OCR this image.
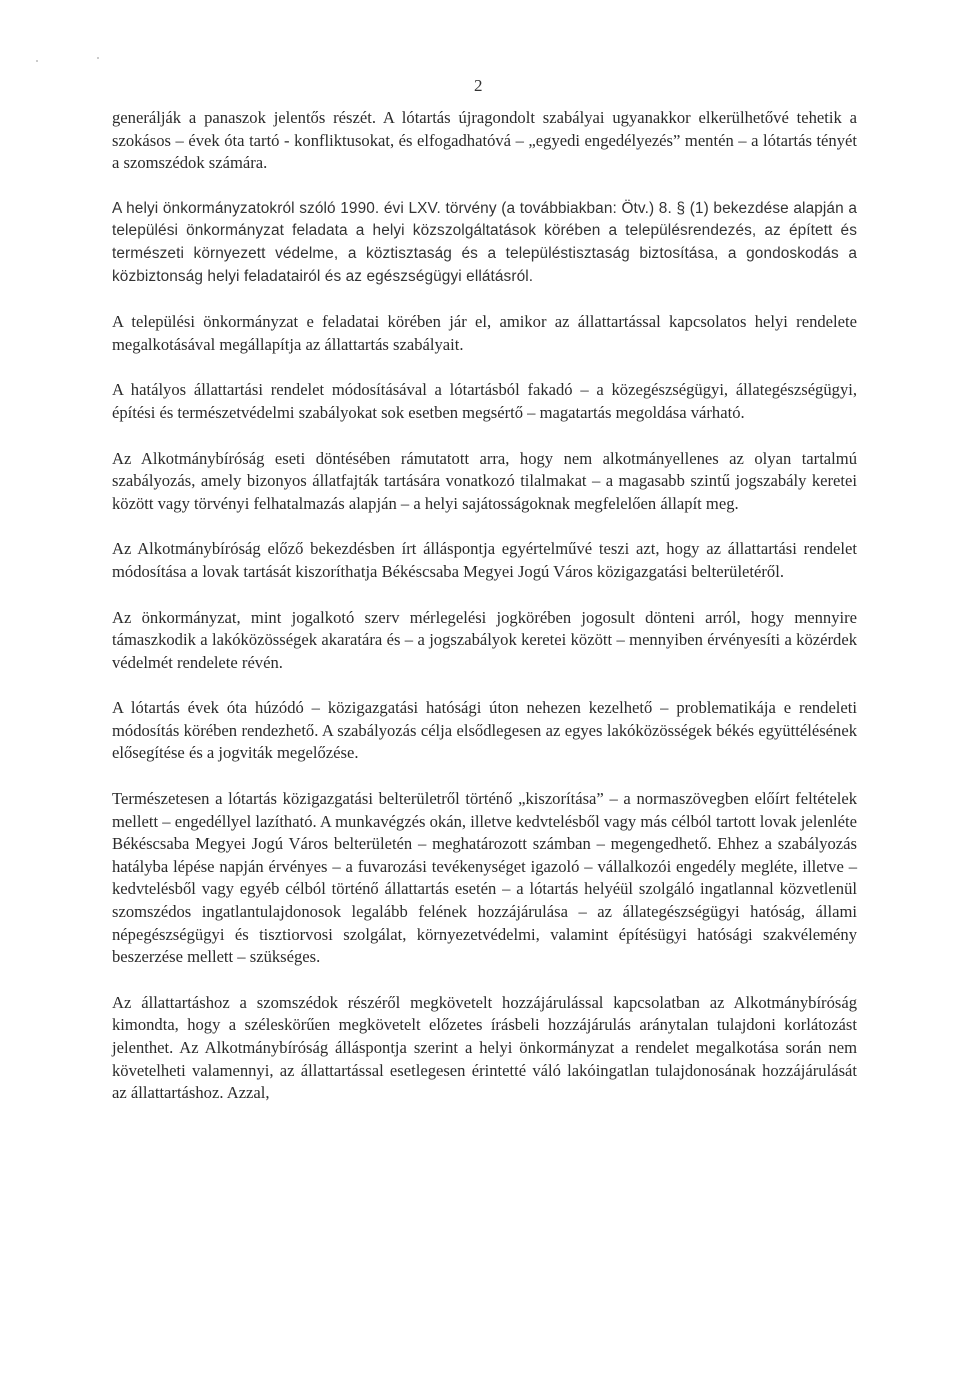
2

generálják a panaszok jelentős részét. A lótartás újragondolt szabályai ugyanakkor elkerülhetővé tehetik a szokásos – évek óta tartó - konfliktusokat, és elfogadhatóvá – „egyedi engedélyezés” mentén – a lótartás tényét a szomszédok számára.

A helyi önkormányzatokról szóló 1990. évi LXV. törvény (a továbbiakban: Ötv.) 8. § (1) bekezdése alapján a települési önkormányzat feladata a helyi közszolgáltatások körében a településrendezés, az épített és természeti környezett védelme, a köztisztaság és a településtisztaság biztosítása, a gondoskodás a közbiztonság helyi feladatairól és az egészségügyi ellátásról.

A települési önkormányzat e feladatai körében jár el, amikor az állattartással kapcsolatos helyi rendelete megalkotásával megállapítja az állattartás szabályait.

A hatályos állattartási rendelet módosításával a lótartásból fakadó – a közegészségügyi, állategészségügyi, építési és természetvédelmi szabályokat sok esetben megsértő – magatartás megoldása várható.

Az Alkotmánybíróság eseti döntésében rámutatott arra, hogy nem alkotmányellenes az olyan tartalmú szabályozás, amely bizonyos állatfajták tartására vonatkozó tilalmakat – a magasabb szintű jogszabály keretei között vagy törvényi felhatalmazás alapján – a helyi sajátosságoknak megfelelően állapít meg.

Az Alkotmánybíróság előző bekezdésben írt álláspontja egyértelművé teszi azt, hogy az állattartási rendelet módosítása a lovak tartását kiszoríthatja Békéscsaba Megyei Jogú Város közigazgatási belterületéről.

Az önkormányzat, mint jogalkotó szerv mérlegelési jogkörében jogosult dönteni arról, hogy mennyire támaszkodik a lakóközösségek akaratára és – a jogszabályok keretei között – mennyiben érvényesíti a közérdek védelmét rendelete révén.

A lótartás évek óta húzódó – közigazgatási hatósági úton nehezen kezelhető – problematikája e rendeleti módosítás körében rendezhető. A szabályozás célja elsődlegesen az egyes lakóközösségek békés együttélésének elősegítése és a jogviták megelőzése.

Természetesen a lótartás közigazgatási belterületről történő „kiszorítása” – a normaszövegben előírt feltételek mellett – engedéllyel lazítható. A munkavégzés okán, illetve kedvtelésből vagy más célból tartott lovak jelenléte Békéscsaba Megyei Jogú Város belterületén – meghatározott számban – megengedhető. Ehhez a szabályozás hatályba lépése napján érvényes – a fuvarozási tevékenységet igazoló – vállalkozói engedély megléte, illetve – kedvtelésből vagy egyéb célból történő állattartás esetén – a lótartás helyéül szolgáló ingatlannal közvetlenül szomszédos ingatlantulajdonosok legalább felének hozzájárulása – az állategészségügyi hatóság, állami népegészségügyi és tisztiorvosi szolgálat, környezetvédelmi, valamint építésügyi hatósági szakvélemény beszerzése mellett – szükséges.

Az állattartáshoz a szomszédok részéről megkövetelt hozzájárulással kapcsolatban az Alkotmánybíróság kimondta, hogy a széleskörűen megkövetelt előzetes írásbeli hozzájárulás aránytalan tulajdoni korlátozást jelenthet. Az Alkotmánybíróság álláspontja szerint a helyi önkormányzat a rendelet megalkotása során nem követelheti valamennyi, az állattartással esetlegesen érintetté váló lakóingatlan tulajdonosának hozzájárulását az állattartáshoz. Azzal,
